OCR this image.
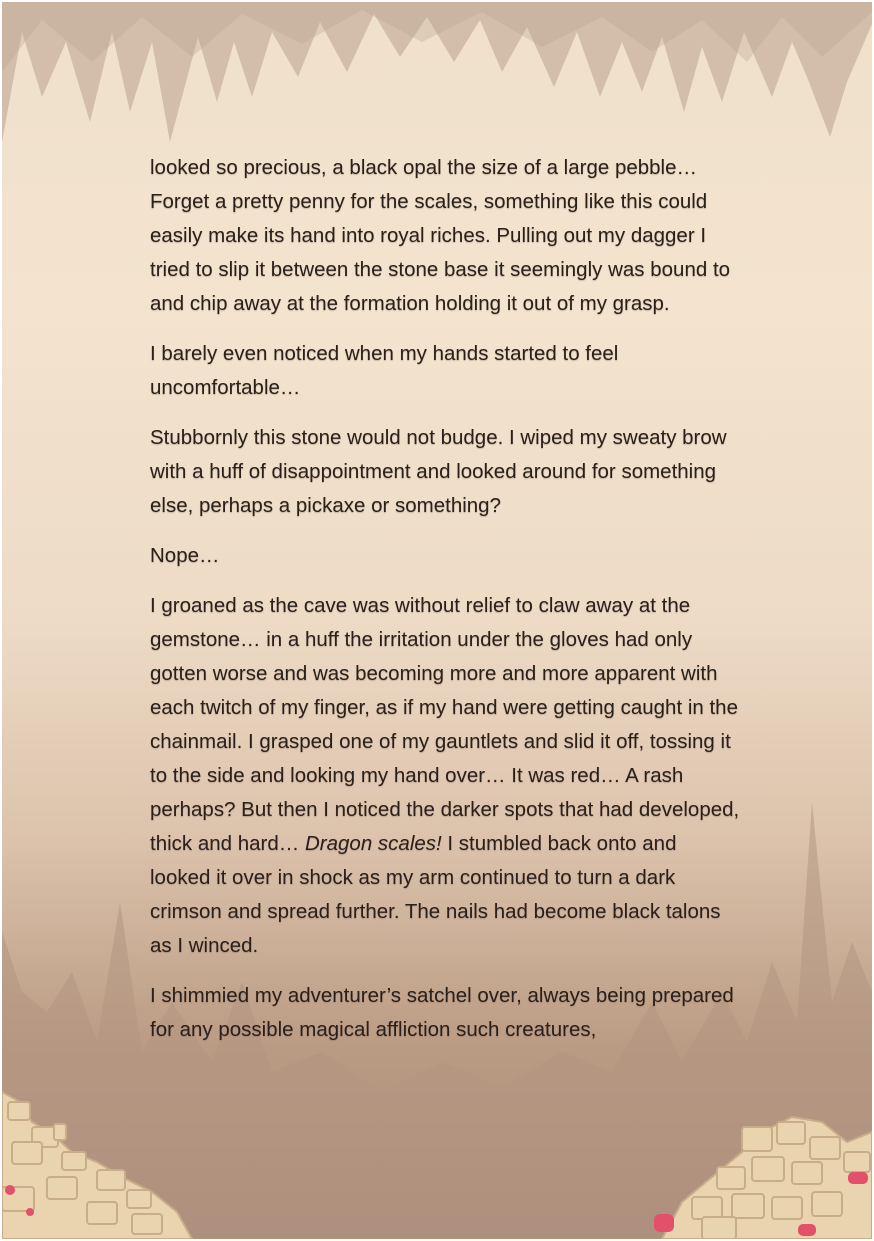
looked so precious, a black opal the size of a large pebble… Forget a pretty penny for the scales, something like this could easily make its hand into royal riches. Pulling out my dagger I tried to slip it between the stone base it seemingly was bound to and chip away at the formation holding it out of my grasp.

I barely even noticed when my hands started to feel uncomfortable…

Stubbornly this stone would not budge. I wiped my sweaty brow with a huff of disappointment and looked around for something else, perhaps a pickaxe or something?

Nope…

I groaned as the cave was without relief to claw away at the gemstone… in a huff the irritation under the gloves had only gotten worse and was becoming more and more apparent with each twitch of my finger, as if my hand were getting caught in the chainmail. I grasped one of my gauntlets and slid it off, tossing it to the side and looking my hand over… It was red… A rash perhaps? But then I noticed the darker spots that had developed, thick and hard… Dragon scales! I stumbled back onto and looked it over in shock as my arm continued to turn a dark crimson and spread further. The nails had become black talons as I winced.

I shimmied my adventurer’s satchel over, always being prepared for any possible magical affliction such creatures,
